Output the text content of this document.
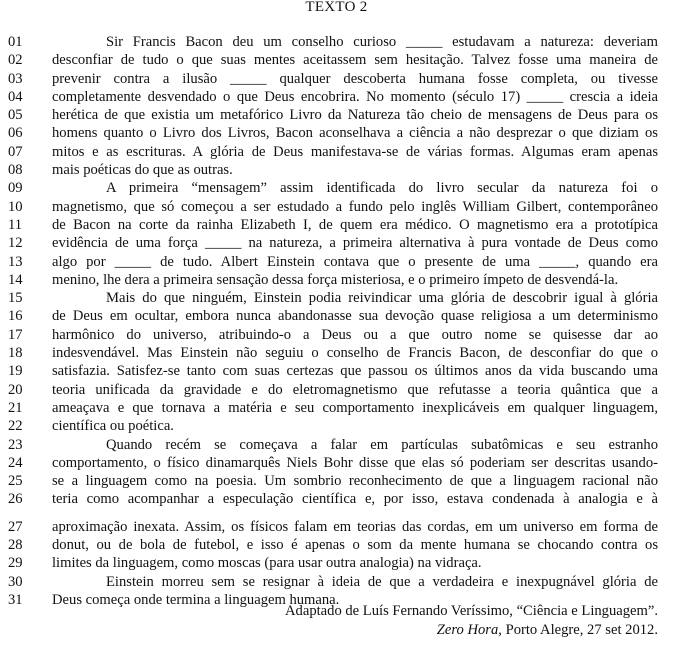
TEXTO 2
01	Sir Francis Bacon deu um conselho curioso _____ estudavam a natureza: deveriam
02	desconfiar de tudo o que suas mentes aceitassem sem hesitação. Talvez fosse uma maneira de
03	prevenir contra a ilusão _____ qualquer descoberta humana fosse completa, ou tivesse
04	completamente desvendado o que Deus encobrira. No momento (século 17) _____ crescia a ideia
05	herética de que existia um metafórico Livro da Natureza tão cheio de mensagens de Deus para os
06	homens quanto o Livro dos Livros, Bacon aconselhava a ciência a não desprezar o que diziam os
07	mitos e as escrituras. A glória de Deus manifestava-se de várias formas. Algumas eram apenas
08	mais poéticas do que as outras.
09	A primeira “mensagem” assim identificada do livro secular da natureza foi o
10	magnetismo, que só começou a ser estudado a fundo pelo inglês William Gilbert, contemporâneo
11	de Bacon na corte da rainha Elizabeth I, de quem era médico. O magnetismo era a prototípica
12	evidência de uma força _____ na natureza, a primeira alternativa à pura vontade de Deus como
13	algo por _____ de tudo. Albert Einstein contava que o presente de uma _____, quando era
14	menino, lhe dera a primeira sensação dessa força misteriosa, e o primeiro ímpeto de desvendá-la.
15	Mais do que ninguém, Einstein podia reivindicar uma glória de descobrir igual à glória
16	de Deus em ocultar, embora nunca abandonasse sua devoção quase religiosa a um determinismo
17	harmônico do universo, atribuindo-o a Deus ou a que outro nome se quisesse dar ao
18	indesvendável. Mas Einstein não seguiu o conselho de Francis Bacon, de desconfiar do que o
19	satisfazia. Satisfez-se tanto com suas certezas que passou os últimos anos da vida buscando uma
20	teoria unificada da gravidade e do eletromagnetismo que refutasse a teoria quântica que a
21	ameaçava e que tornava a matéria e seu comportamento inexplicáveis em qualquer linguagem,
22	científica ou poética.
23	Quando recém se começava a falar em partículas subatômicas e seu estranho
24	comportamento, o físico dinamarquês Niels Bohr disse que elas só poderiam ser descritas usando-
25	se a linguagem como na poesia. Um sombrio reconhecimento de que a linguagem racional não
26	teria como acompanhar a especulação científica e, por isso, estava condenada à analogia e à
27	aproximação inexata. Assim, os físicos falam em teorias das cordas, em um universo em forma de
28	donut, ou de bola de futebol, e isso é apenas o som da mente humana se chocando contra os
29	limites da linguagem, como moscas (para usar outra analogia) na vidraça.
30	Einstein morreu sem se resignar à ideia de que a verdadeira e inexpugnável glória de
31	Deus começa onde termina a linguagem humana.
Adaptado de Luís Fernando Veríssimo, “Ciência e Linguagem”.
Zero Hora, Porto Alegre, 27 set 2012.
